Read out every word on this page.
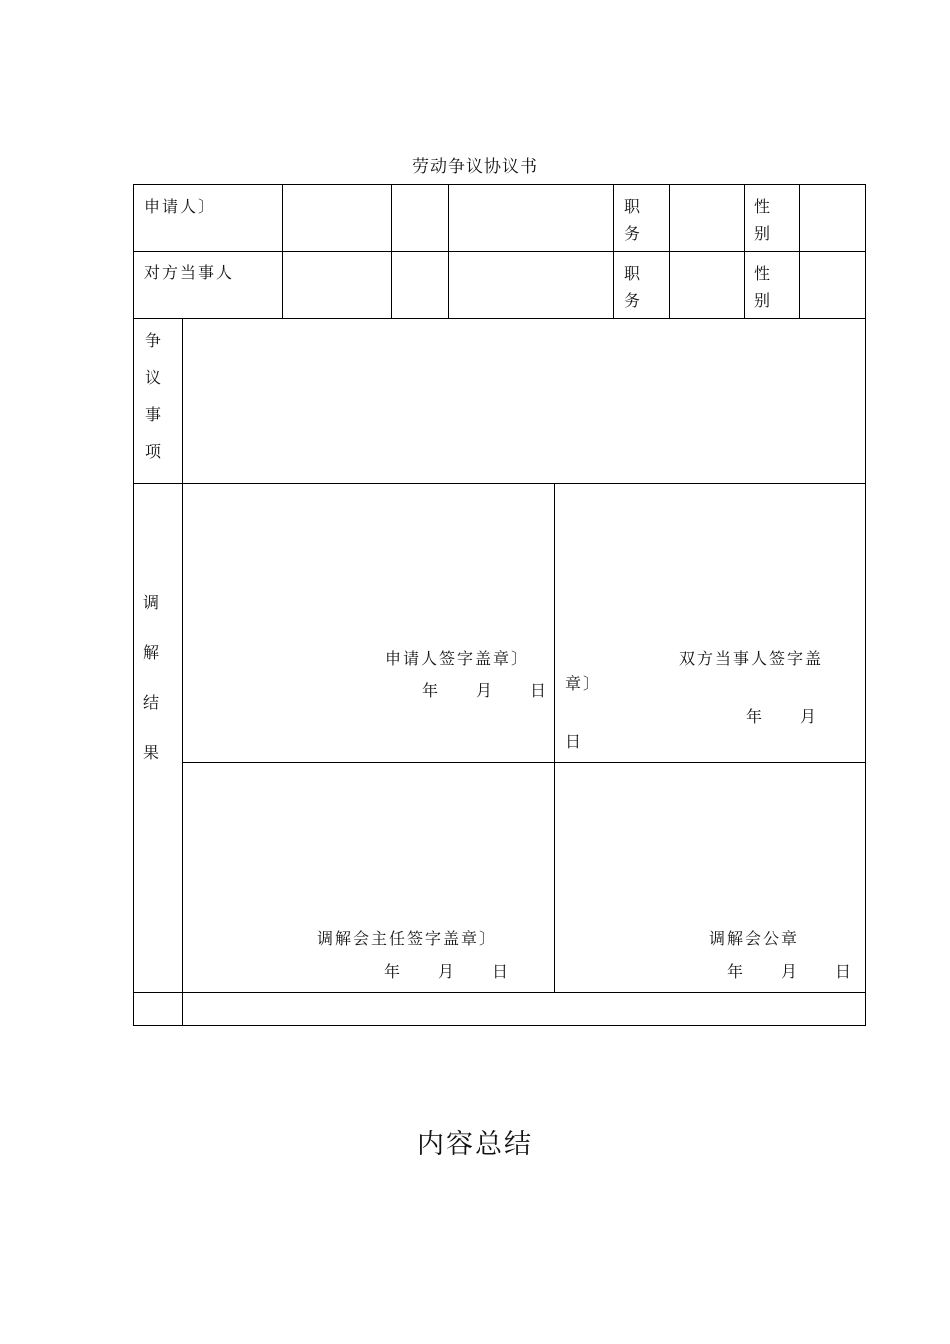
劳动争议协议书
申请人〕	职
务
性
别
对方当事人	职
务
性
别
争
议
事
项
调
解
结
果
申请人签字盖章〕
年　　月　　日
双方当事人签字盖
章〕
年　　月
日
调解会主任签字盖章〕
年　　月　　日
调解会公章
年　　月　　日
内容总结
